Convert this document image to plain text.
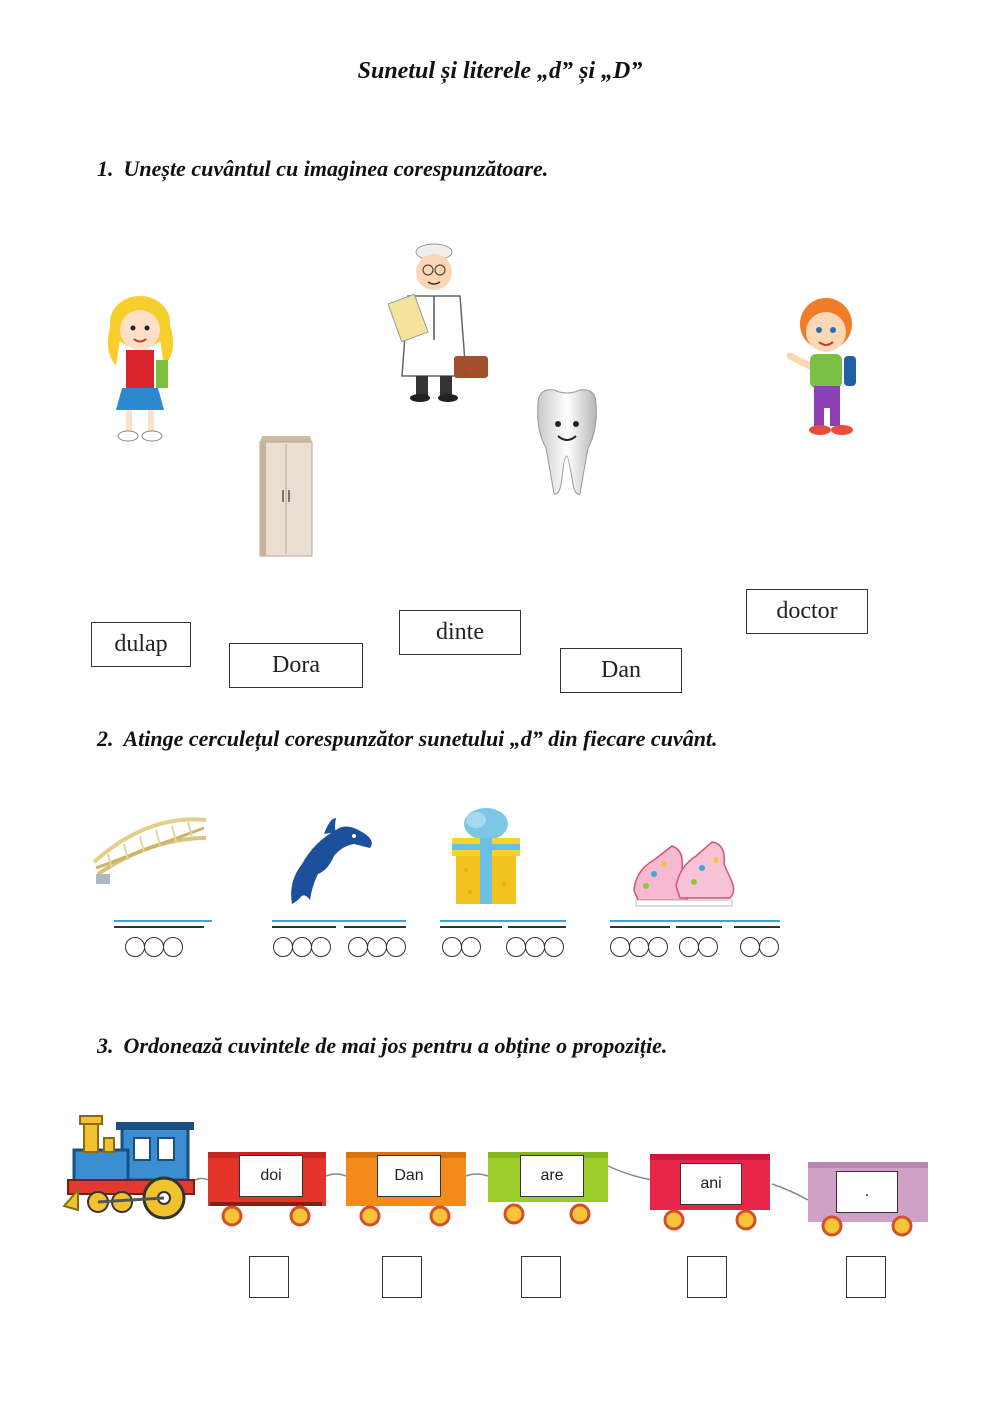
Sunetul și literele „d” și „D”
1. Unește cuvântul cu imaginea corespunzătoare.
+
dulap
Dora
dinte
Dan
doctor
2. Atinge cerculețul corespunzător sunetului „d” din fiecare cuvânt.
3. Ordonează cuvintele de mai jos pentru a obține o propoziție.
doi	Dan	are	ani	.
